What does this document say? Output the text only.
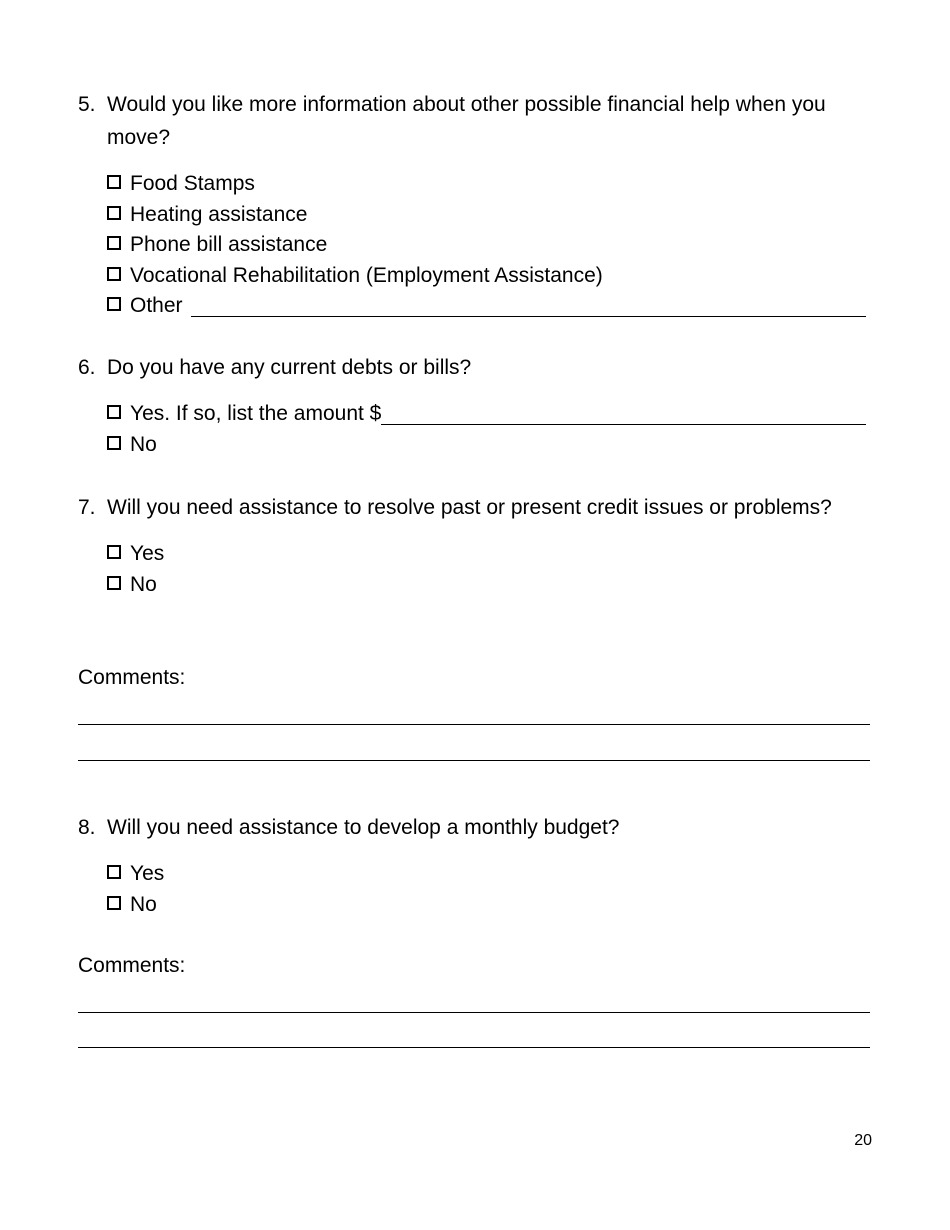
5. Would you like more information about other possible financial help when you move?
Food Stamps
Heating assistance
Phone bill assistance
Vocational Rehabilitation (Employment Assistance)
Other
6. Do you have any current debts or bills?
Yes. If so, list the amount $
No
7. Will you need assistance to resolve past or present credit issues or problems?
Yes
No
Comments:
8. Will you need assistance to develop a monthly budget?
Yes
No
Comments:
20
